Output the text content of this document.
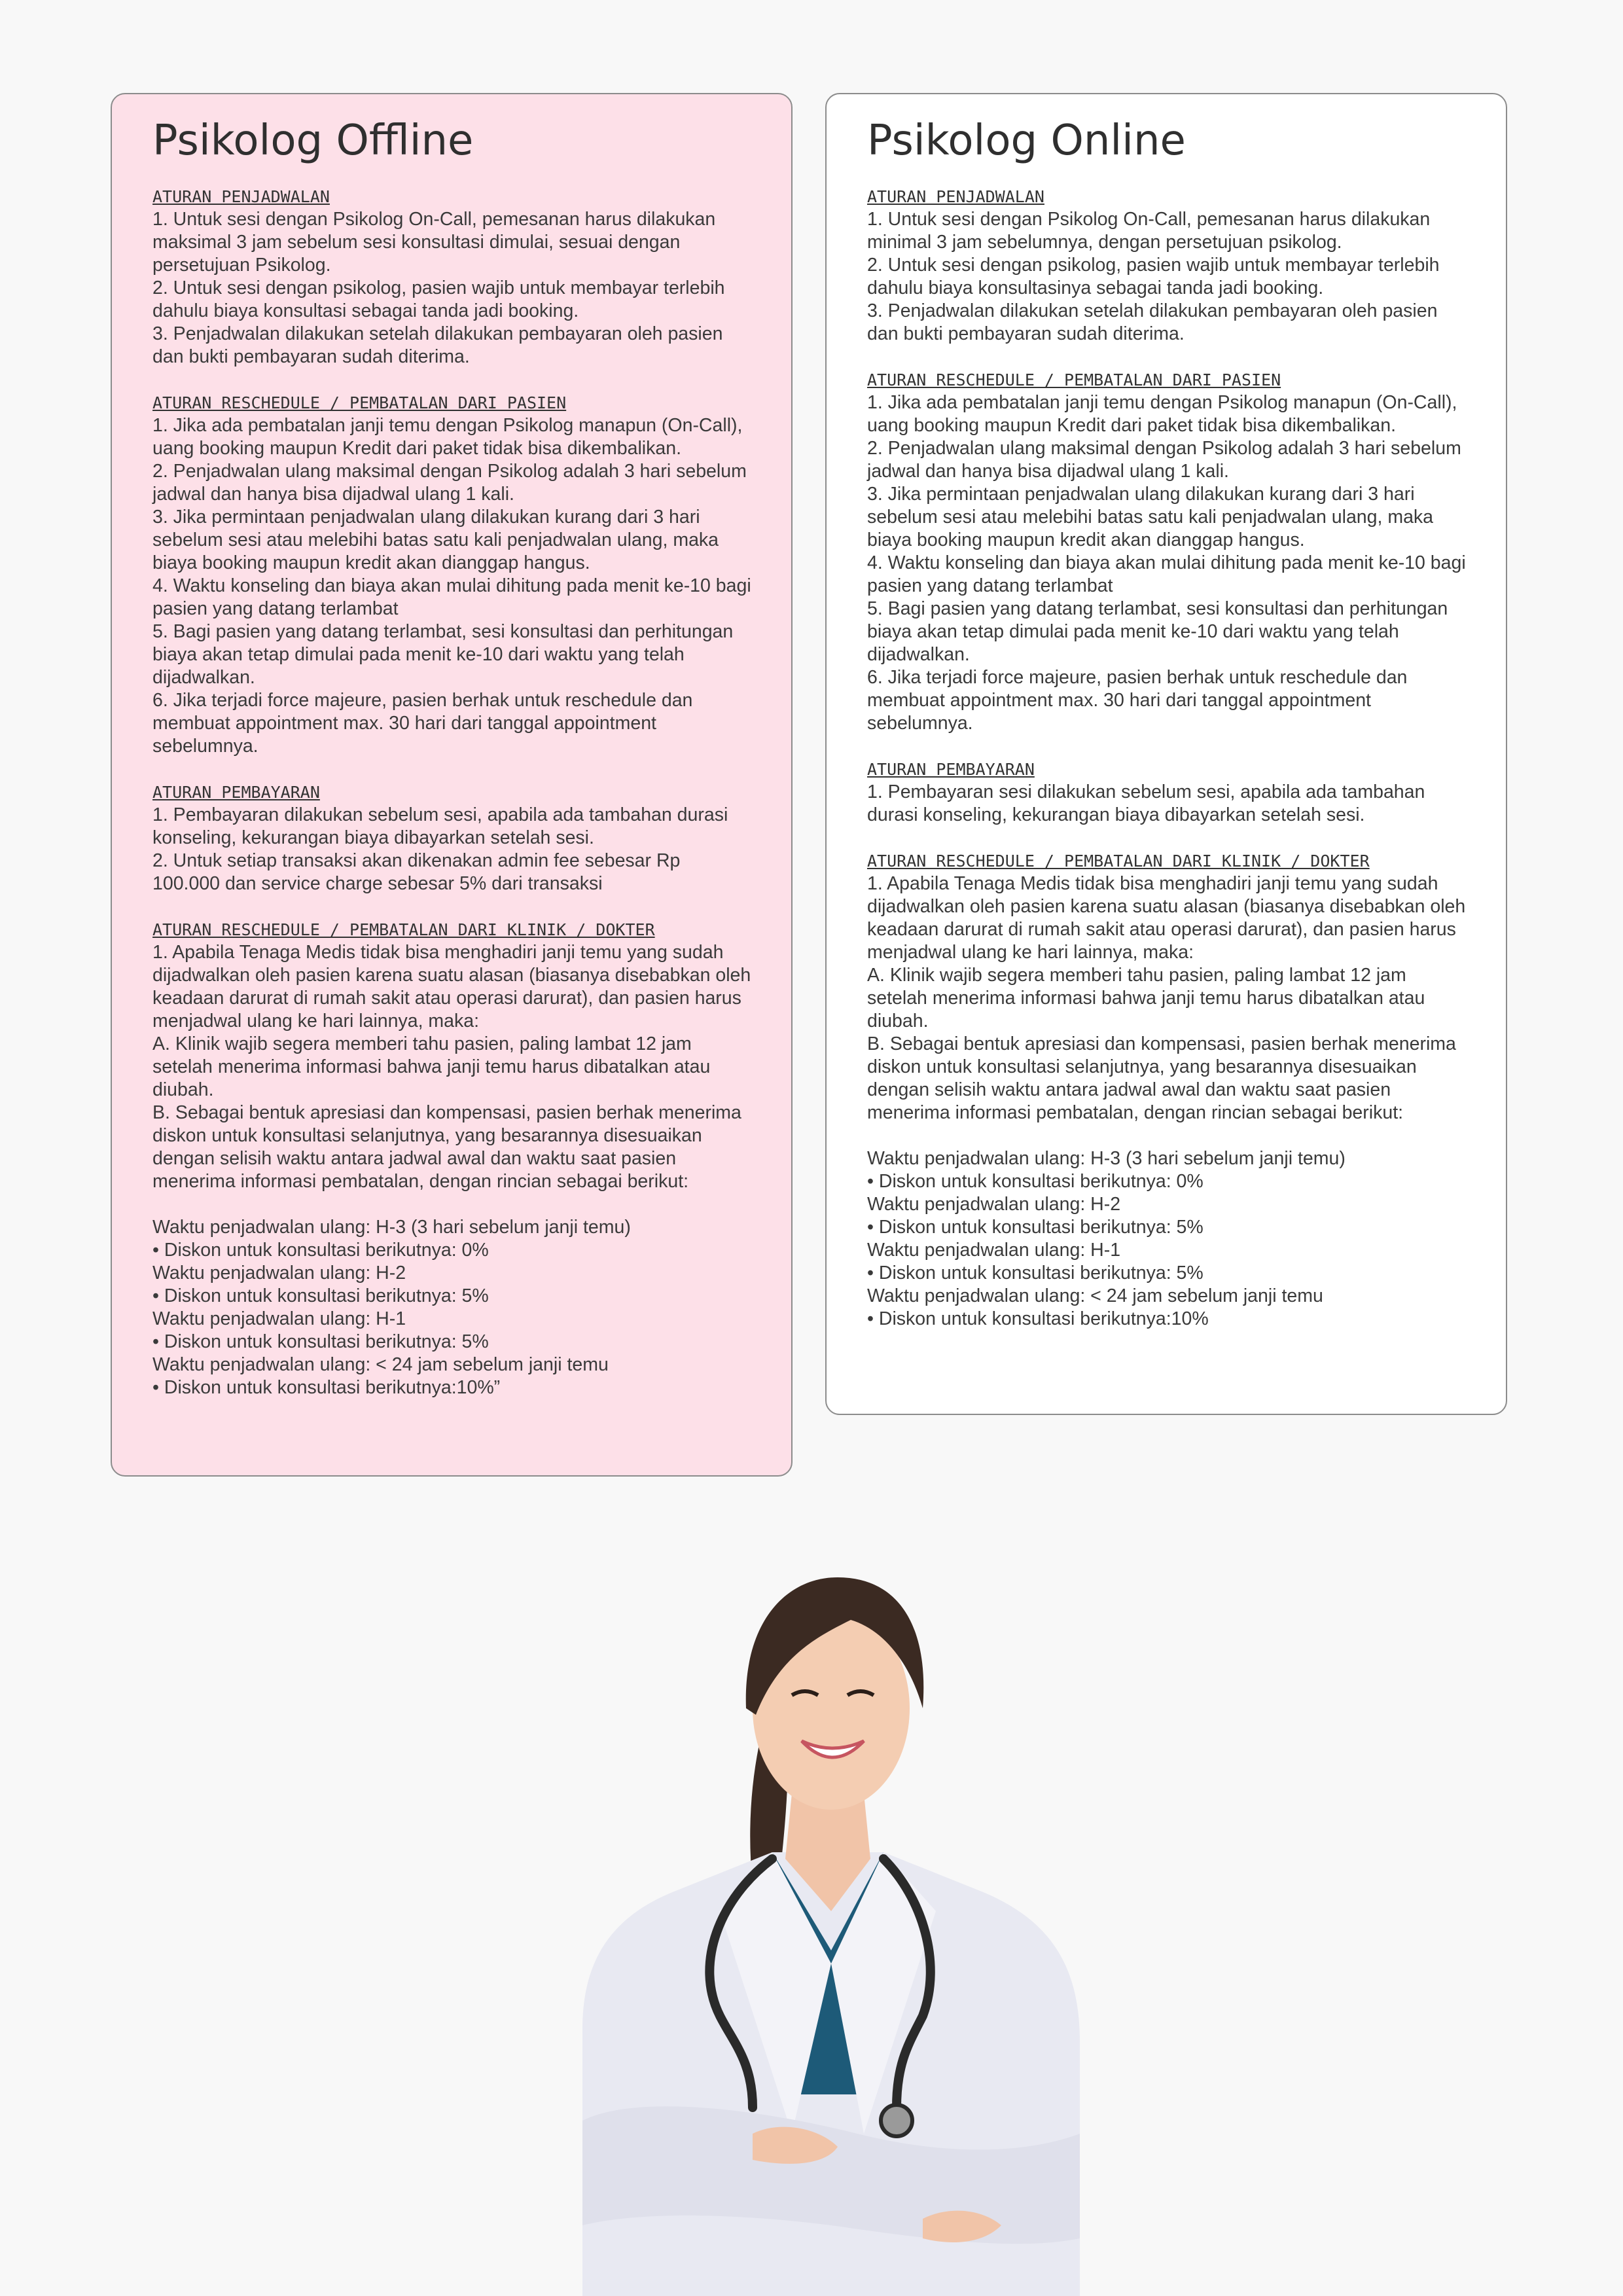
Psikolog Offline
ATURAN PENJADWALAN
1. Untuk sesi dengan Psikolog On-Call, pemesanan harus dilakukan maksimal 3 jam sebelum sesi konsultasi dimulai, sesuai dengan persetujuan Psikolog.
2. Untuk sesi dengan psikolog, pasien wajib untuk membayar terlebih dahulu biaya konsultasi sebagai tanda jadi booking.
3. Penjadwalan dilakukan setelah dilakukan pembayaran oleh pasien dan bukti pembayaran sudah diterima.
ATURAN RESCHEDULE / PEMBATALAN DARI PASIEN
1. Jika ada pembatalan janji temu dengan Psikolog manapun (On-Call), uang booking maupun Kredit dari paket tidak bisa dikembalikan.
2. Penjadwalan ulang maksimal dengan Psikolog adalah 3 hari sebelum jadwal dan hanya bisa dijadwal ulang 1 kali.
3. Jika permintaan penjadwalan ulang dilakukan kurang dari 3 hari sebelum sesi atau melebihi batas satu kali penjadwalan ulang, maka biaya booking maupun kredit akan dianggap hangus.
4. Waktu konseling dan biaya akan mulai dihitung pada menit ke-10 bagi pasien yang datang terlambat
5. Bagi pasien yang datang terlambat, sesi konsultasi dan perhitungan biaya akan tetap dimulai pada menit ke-10 dari waktu yang telah dijadwalkan.
6. Jika terjadi force majeure, pasien berhak untuk reschedule dan membuat appointment max. 30 hari dari tanggal appointment sebelumnya.
ATURAN PEMBAYARAN
1. Pembayaran dilakukan sebelum sesi, apabila ada tambahan durasi konseling, kekurangan biaya dibayarkan setelah sesi.
2. Untuk setiap transaksi akan dikenakan admin fee sebesar Rp 100.000 dan service charge sebesar 5% dari transaksi
ATURAN RESCHEDULE / PEMBATALAN DARI KLINIK / DOKTER
1. Apabila Tenaga Medis tidak bisa menghadiri janji temu yang sudah dijadwalkan oleh pasien karena suatu alasan (biasanya disebabkan oleh keadaan darurat di rumah sakit atau operasi darurat), dan pasien harus menjadwal ulang ke hari lainnya, maka:
A. Klinik wajib segera memberi tahu pasien, paling lambat 12 jam setelah menerima informasi bahwa janji temu harus dibatalkan atau diubah.
B. Sebagai bentuk apresiasi dan kompensasi, pasien berhak menerima diskon untuk konsultasi selanjutnya, yang besarannya disesuaikan dengan selisih waktu antara jadwal awal dan waktu saat pasien menerima informasi pembatalan, dengan rincian sebagai berikut:

Waktu penjadwalan ulang: H-3 (3 hari sebelum janji temu)
• Diskon untuk konsultasi berikutnya: 0%
Waktu penjadwalan ulang: H-2
• Diskon untuk konsultasi berikutnya: 5%
Waktu penjadwalan ulang: H-1
• Diskon untuk konsultasi berikutnya: 5%
Waktu penjadwalan ulang: < 24 jam sebelum janji temu
• Diskon untuk konsultasi berikutnya:10%”
Psikolog Online
ATURAN PENJADWALAN
1. Untuk sesi dengan Psikolog On-Call, pemesanan harus dilakukan minimal 3 jam sebelumnya, dengan persetujuan psikolog.
2. Untuk sesi dengan psikolog, pasien wajib untuk membayar terlebih dahulu biaya konsultasinya sebagai tanda jadi booking.
3. Penjadwalan dilakukan setelah dilakukan pembayaran oleh pasien dan bukti pembayaran sudah diterima.
ATURAN RESCHEDULE / PEMBATALAN DARI PASIEN
1. Jika ada pembatalan janji temu dengan Psikolog manapun (On-Call), uang booking maupun Kredit dari paket tidak bisa dikembalikan.
2. Penjadwalan ulang maksimal dengan Psikolog adalah 3 hari sebelum jadwal dan hanya bisa dijadwal ulang 1 kali.
3. Jika permintaan penjadwalan ulang dilakukan kurang dari 3 hari sebelum sesi atau melebihi batas satu kali penjadwalan ulang, maka biaya booking maupun kredit akan dianggap hangus.
4. Waktu konseling dan biaya akan mulai dihitung pada menit ke-10 bagi pasien yang datang terlambat
5. Bagi pasien yang datang terlambat, sesi konsultasi dan perhitungan biaya akan tetap dimulai pada menit ke-10 dari waktu yang telah dijadwalkan.
6. Jika terjadi force majeure, pasien berhak untuk reschedule dan membuat appointment max. 30 hari dari tanggal appointment sebelumnya.
ATURAN PEMBAYARAN
1. Pembayaran sesi dilakukan sebelum sesi, apabila ada tambahan durasi konseling, kekurangan biaya dibayarkan setelah sesi.
ATURAN RESCHEDULE / PEMBATALAN DARI KLINIK / DOKTER
1. Apabila Tenaga Medis tidak bisa menghadiri janji temu yang sudah dijadwalkan oleh pasien karena suatu alasan (biasanya disebabkan oleh keadaan darurat di rumah sakit atau operasi darurat), dan pasien harus menjadwal ulang ke hari lainnya, maka:
A. Klinik wajib segera memberi tahu pasien, paling lambat 12 jam setelah menerima informasi bahwa janji temu harus dibatalkan atau diubah.
B. Sebagai bentuk apresiasi dan kompensasi, pasien berhak menerima diskon untuk konsultasi selanjutnya, yang besarannya disesuaikan dengan selisih waktu antara jadwal awal dan waktu saat pasien menerima informasi pembatalan, dengan rincian sebagai berikut:

Waktu penjadwalan ulang: H-3 (3 hari sebelum janji temu)
• Diskon untuk konsultasi berikutnya: 0%
Waktu penjadwalan ulang: H-2
• Diskon untuk konsultasi berikutnya: 5%
Waktu penjadwalan ulang: H-1
• Diskon untuk konsultasi berikutnya: 5%
Waktu penjadwalan ulang: < 24 jam sebelum janji temu
• Diskon untuk konsultasi berikutnya:10%
